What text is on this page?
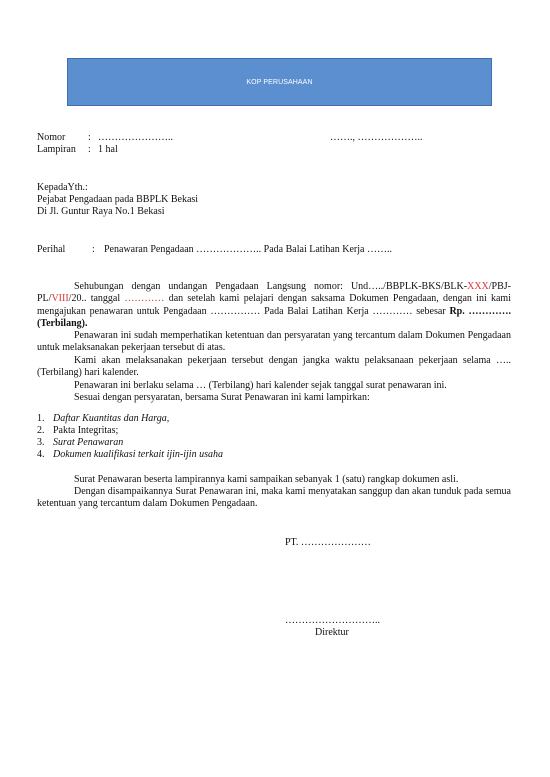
KOP PERUSAHAAN
Nomor : …………………..	……., ………………..
Lampiran : 1 hal
KepadaYth.:
Pejabat Pengadaan pada BBPLK Bekasi
Di Jl. Guntur Raya No.1 Bekasi
Perihal	: Penawaran Pengadaan ……………….. Pada Balai Latihan Kerja ……..
Sehubungan dengan undangan Pengadaan Langsung nomor: Und…../BBPLK-BKS/BLK-XXX/PBJ-PL/VIII/20.. tanggal ………… dan setelah kami pelajari dengan saksama Dokumen Pengadaan, dengan ini kami mengajukan penawaran untuk Pengadaan …………… Pada Balai Latihan Kerja ………… sebesar Rp. …………. (Terbilang).
Penawaran ini sudah memperhatikan ketentuan dan persyaratan yang tercantum dalam Dokumen Pengadaan untuk melaksanakan pekerjaan tersebut di atas.
Kami akan melaksanakan pekerjaan tersebut dengan jangka waktu pelaksanaan pekerjaan selama ….. (Terbilang) hari kalender.
Penawaran ini berlaku selama … (Terbilang) hari kalender sejak tanggal surat penawaran ini.
Sesuai dengan persyaratan, bersama Surat Penawaran ini kami lampirkan:
1. Daftar Kuantitas dan Harga,
2. Pakta Integritas;
3. Surat Penawaran
4. Dokumen kualifikasi terkait ijin-ijin usaha
Surat Penawaran beserta lampirannya kami sampaikan sebanyak 1 (satu) rangkap dokumen asli.
Dengan disampaikannya Surat Penawaran ini, maka kami menyatakan sanggup dan akan tunduk pada semua ketentuan yang tercantum dalam Dokumen Pengadaan.
PT. …………………
………………………..
Direktur
